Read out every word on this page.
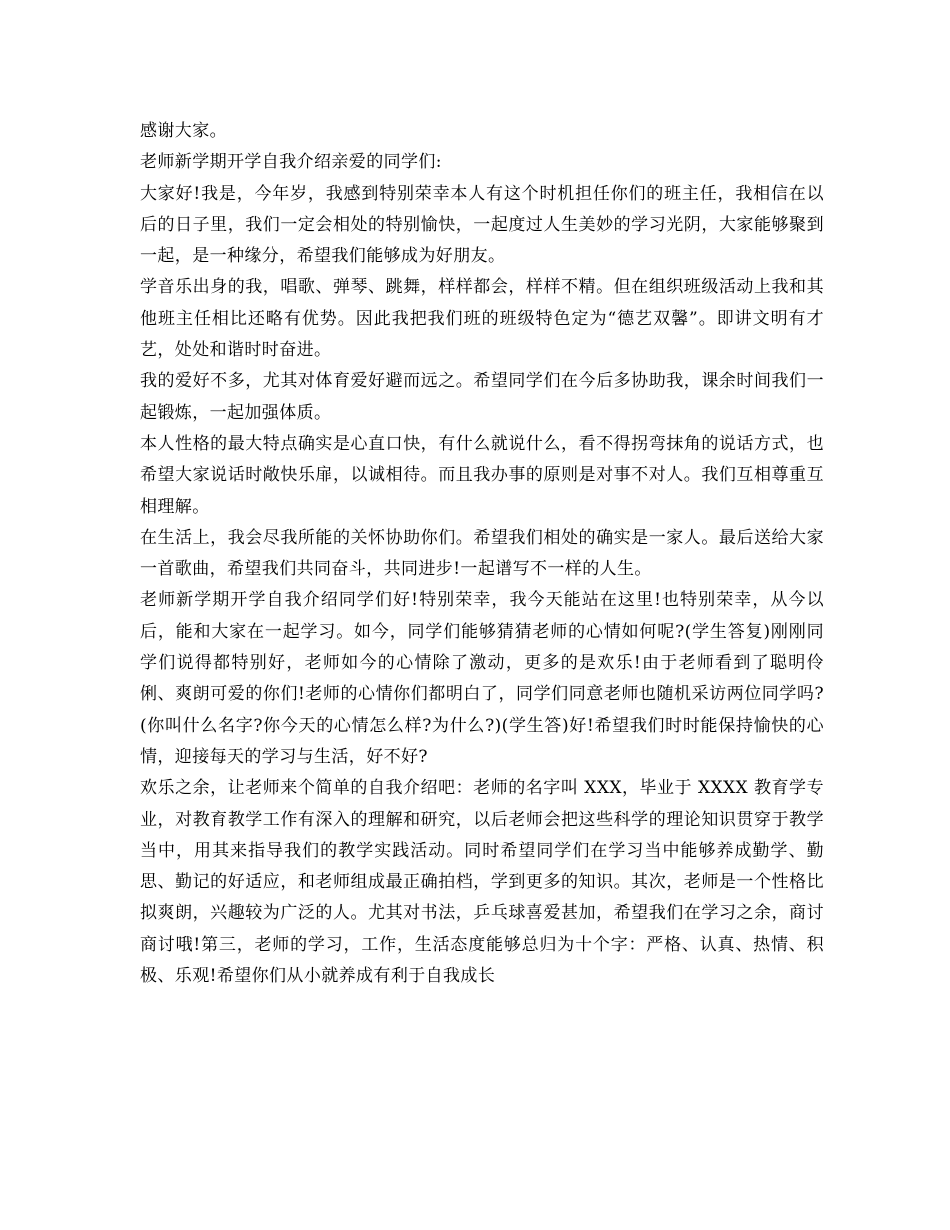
感谢大家。

老师新学期开学自我介绍亲爱的同学们:

大家好!我是，今年岁，我感到特别荣幸本人有这个时机担任你们的班主任，我相信在以后的日子里，我们一定会相处的特别愉快，一起度过人生美妙的学习光阴，大家能够聚到一起，是一种缘分，希望我们能够成为好朋友。

学音乐出身的我，唱歌、弹琴、跳舞，样样都会，样样不精。但在组织班级活动上我和其他班主任相比还略有优势。因此我把我们班的班级特色定为“德艺双馨”。即讲文明有才艺，处处和谐时时奋进。

我的爱好不多，尤其对体育爱好避而远之。希望同学们在今后多协助我，课余时间我们一起锻炼，一起加强体质。

本人性格的最大特点确实是心直口快，有什么就说什么，看不得拐弯抹角的说话方式，也希望大家说话时敞快乐扉，以诚相待。而且我办事的原则是对事不对人。我们互相尊重互相理解。

在生活上，我会尽我所能的关怀协助你们。希望我们相处的确实是一家人。最后送给大家一首歌曲，希望我们共同奋斗，共同进步!一起谱写不一样的人生。

老师新学期开学自我介绍同学们好!特别荣幸，我今天能站在这里!也特别荣幸，从今以后，能和大家在一起学习。如今，同学们能够猜猜老师的心情如何呢?(学生答复)刚刚同学们说得都特别好，老师如今的心情除了激动，更多的是欢乐!由于老师看到了聪明伶俐、爽朗可爱的你们!老师的心情你们都明白了，同学们同意老师也随机采访两位同学吗?(你叫什么名字?你今天的心情怎么样?为什么?)(学生答)好!希望我们时时能保持愉快的心情，迎接每天的学习与生活，好不好?

欢乐之余，让老师来个简单的自我介绍吧：老师的名字叫 XXX，毕业于 XXXX 教育学专业，对教育教学工作有深入的理解和研究，以后老师会把这些科学的理论知识贯穿于教学当中，用其来指导我们的教学实践活动。同时希望同学们在学习当中能够养成勤学、勤思、勤记的好适应，和老师组成最正确拍档，学到更多的知识。其次，老师是一个性格比拟爽朗，兴趣较为广泛的人。尤其对书法，乒乓球喜爱甚加，希望我们在学习之余，商讨商讨哦!第三，老师的学习，工作，生活态度能够总归为十个字：严格、认真、热情、积极、乐观!希望你们从小就养成有利于自我成长
